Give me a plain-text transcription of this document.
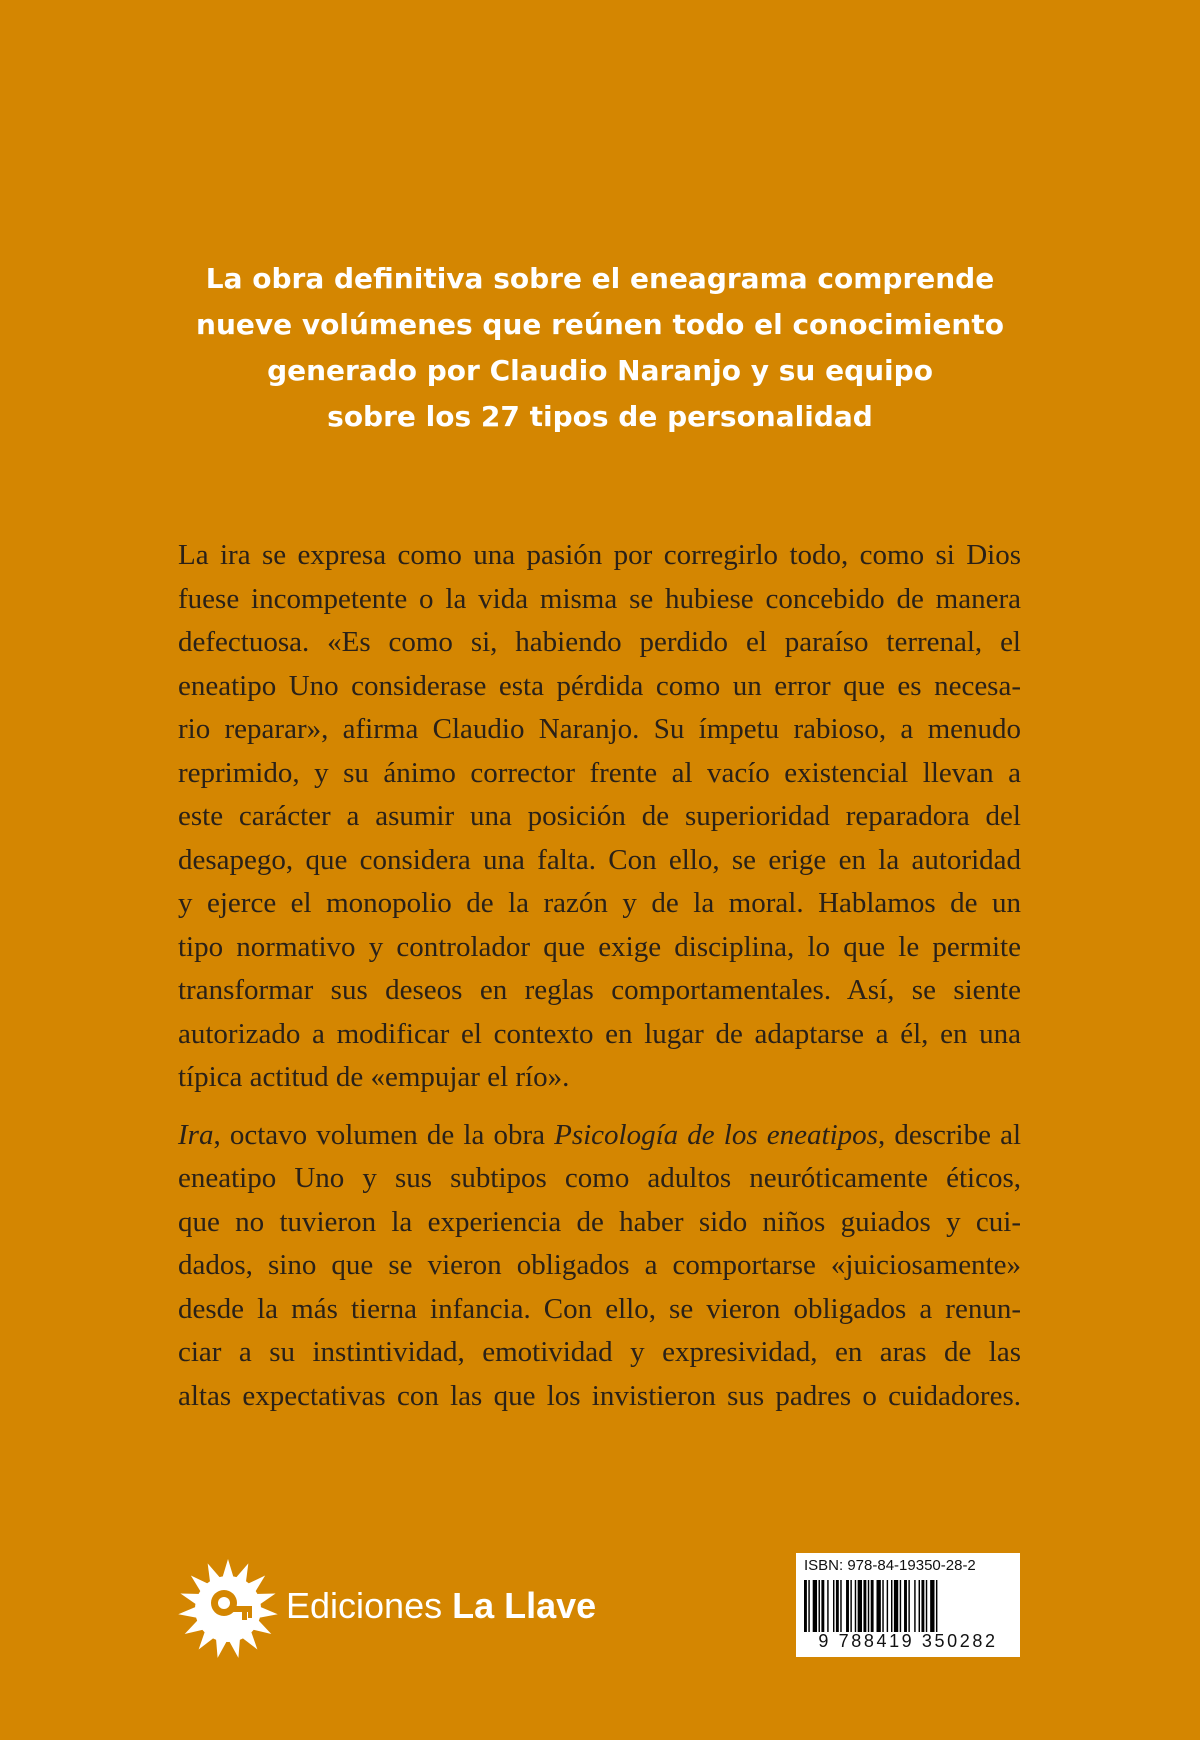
La obra definitiva sobre el eneagrama comprende
nueve volúmenes que reúnen todo el conocimiento
generado por Claudio Naranjo y su equipo
sobre los 27 tipos de personalidad
La ira se expresa como una pasión por corregirlo todo, como si Dios
fuese incompetente o la vida misma se hubiese concebido de manera
defectuosa. «Es como si, habiendo perdido el paraíso terrenal, el
eneatipo Uno considerase esta pérdida como un error que es necesa-
rio reparar», afirma Claudio Naranjo. Su ímpetu rabioso, a menudo
reprimido, y su ánimo corrector frente al vacío existencial llevan a
este carácter a asumir una posición de superioridad reparadora del
desapego, que considera una falta. Con ello, se erige en la autoridad
y ejerce el monopolio de la razón y de la moral. Hablamos de un
tipo normativo y controlador que exige disciplina, lo que le permite
transformar sus deseos en reglas comportamentales. Así, se siente
autorizado a modificar el contexto en lugar de adaptarse a él, en una
típica actitud de «empujar el río».
Ira, octavo volumen de la obra Psicología de los eneatipos, describe al
eneatipo Uno y sus subtipos como adultos neuróticamente éticos,
que no tuvieron la experiencia de haber sido niños guiados y cui-
dados, sino que se vieron obligados a comportarse «juiciosamente»
desde la más tierna infancia. Con ello, se vieron obligados a renun-
ciar a su instintividad, emotividad y expresividad, en aras de las
altas expectativas con las que los invistieron sus padres o cuidadores.
Ediciones La Llave
ISBN: 978-84-19350-28-2
9 788419 350282
